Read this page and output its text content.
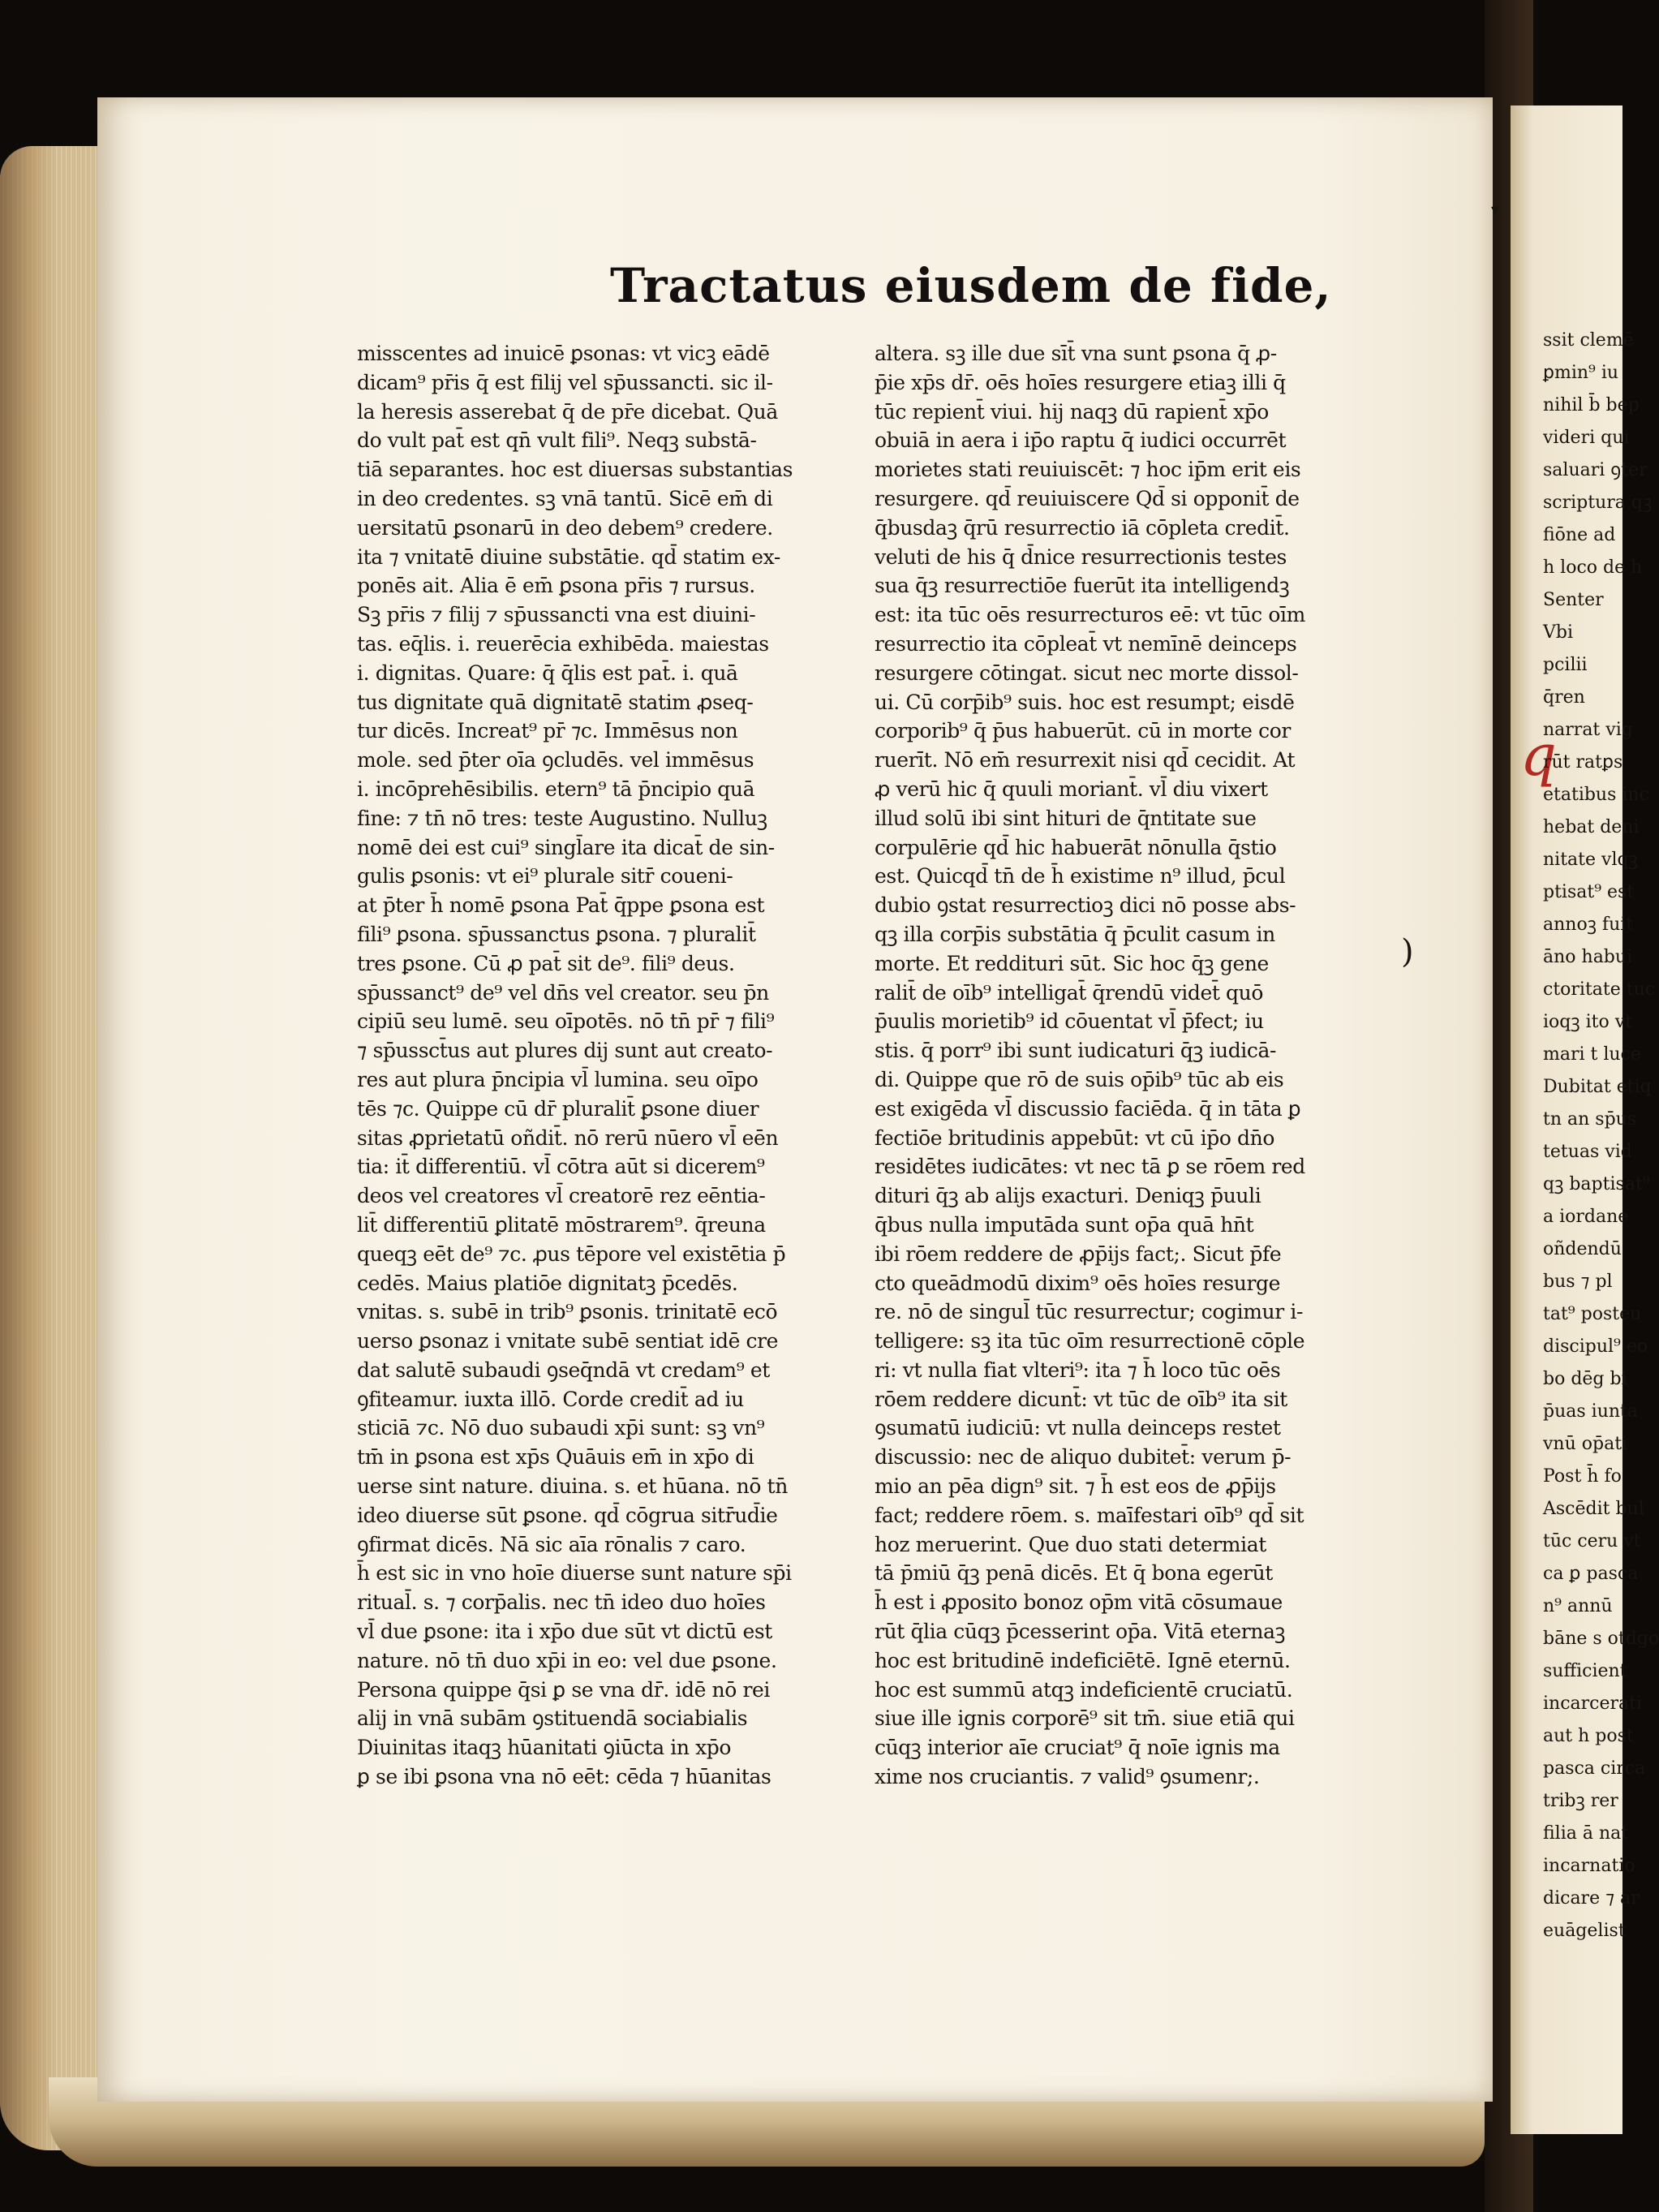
q
ssit clemē
ꝑmin⁹ iu
nihil b̄ bep
videri qui
saluari ꝯter
scriptura qꝫ
fiōne ad
h loco de h
Senter
Vbi
pcilii
q̄ren
narrat vig
rūt ratꝑs
etatibus inc
hebat deni
nitate vlqꝫ
ptisat⁹ est
annoꝫ fuit
āno habui
ctoritate tuc
ioqꝫ ito vt
mari t luce
Dubitat etiq
tn an sp̄us
tetuas vid
qꝫ baptisat⁹
a iordane
oñdendū
bus ⁊ pl
tat⁹ posteu
discipul⁹ eo
bo dēg bi
p̄uas iunta
vnū op̄ati
Post h̄ fo
Ascēdit bul
tūc ceru vt
ca ꝑ pasca
n⁹ annū
bāne s otdgo
sufficient
incarcerati
aut h post
pasca circa
tribꝫ rer
filia ā nat
incarnatio
dicare ⁊ ar
euāgelist
▾
)
Tractatus eiusdem de fide,
misscentes ad inuicē ꝑsonas: vt vicꝫ eādē
dicam⁹ pr̄is q̄ est filij vel sp̄ussancti. sic il-
la heresis asserebat q̄ de pr̄e dicebat. Quā
do vult pat̄ est qn̄ vult fili⁹. Neqꝫ substā-
tiā separantes. hoc est diuersas substantias
in deo credentes. sꝫ vnā tantū. Sicē em̄ di
uersitatū ꝑsonarū in deo debem⁹ credere.
ita ⁊ vnitatē diuine substātie. qd̄ statim ex-
ponēs ait. Alia ē em̄ ꝑsona pr̄is ⁊ rursus.
Sꝫ pr̄is ⁊ filij ⁊ sp̄ussancti vna est diuini-
tas. eq̄lis. i. reuerēcia exhibēda. maiestas
i. dignitas. Quare: q̄ q̄lis est pat̄. i. quā
tus dignitate quā dignitatē statim ꝓseq-
tur dicēs. Increat⁹ pr̄ ⁊c. Immēsus non
mole. sed p̄ter oīa ꝯcludēs. vel immēsus
i. incōprehēsibilis. etern⁹ tā p̄ncipio quā
fine: ⁊ tn̄ nō tres: teste Augustino. Nulluꝫ
nomē dei est cui⁹ singl̄are ita dicat̄ de sin-
gulis ꝑsonis: vt ei⁹ plurale sitr̄ coueni-
at p̄ter h̄ nomē ꝑsona Pat̄ q̄ppe ꝑsona est
fili⁹ ꝑsona. sp̄ussanctus ꝑsona. ⁊ pluralit̄
tres ꝑsone. Cū ꝓ pat̄ sit de⁹. fili⁹ deus.
sp̄ussanct⁹ de⁹ vel dn̄s vel creator. seu p̄n
cipiū seu lumē. seu oīpotēs. nō tn̄ pr̄ ⁊ fili⁹
⁊ sp̄ussct̄us aut plures dij sunt aut creato-
res aut plura p̄ncipia vl̄ lumina. seu oīpo
tēs ⁊c. Quippe cū dr̄ pluralit̄ ꝑsone diuer
sitas ꝓprietatū oñdit̄. nō rerū nūero vl̄ eēn
tia: it̄ differentiū. vl̄ cōtra aūt si dicerem⁹
deos vel creatores vl̄ creatorē rez eēntia-
lit̄ differentiū ꝑlitatē mōstrarem⁹. q̄reuna
queqꝫ eēt de⁹ ⁊c. ꝓus tēpore vel existētia p̄
cedēs. Maius platiōe dignitatꝫ p̄cedēs.
vnitas. s. subē in trib⁹ ꝑsonis. trinitatē ecō
uerso ꝑsonaz i vnitate subē sentiat idē cre
dat salutē subaudi ꝯseq̄ndā vt credam⁹ et
ꝯfiteamur. iuxta illō. Corde credit̄ ad iu
sticiā ⁊c. Nō duo subaudi xp̄i sunt: sꝫ vn⁹
tm̄ in ꝑsona est xp̄s Quāuis em̄ in xp̄o di
uerse sint nature. diuina. s. et hūana. nō tn̄
ideo diuerse sūt ꝑsone. qd̄ cōgrua sitr̄ud̄ie
ꝯfirmat dicēs. Nā sic aīa rōnalis ⁊ caro.
h̄ est sic in vno hoīe diuerse sunt nature sp̄i
ritual̄. s. ⁊ corp̄alis. nec tn̄ ideo duo hoīes
vl̄ due ꝑsone: ita i xp̄o due sūt vt dictū est
nature. nō tn̄ duo xp̄i in eo: vel due ꝑsone.
Persona quippe q̄si ꝑ se vna dr̄. idē nō rei
alij in vnā subām ꝯstituendā sociabialis
Diuinitas itaqꝫ hūanitati ꝯiūcta in xp̄o
ꝑ se ibi ꝑsona vna nō eēt: cēda ⁊ hūanitas
altera. sꝫ ille due sīt̄ vna sunt ꝑsona q̄ ꝓ-
p̄ie xp̄s dr̄. oēs hoīes resurgere etiaꝫ illi q̄
tūc repient̄ viui. hij naqꝫ dū rapient̄ xp̄o
obuiā in aera i ip̄o raptu q̄ iudici occurrēt
morietes stati reuiuiscēt: ⁊ hoc ip̄m erit eis
resurgere. qd̄ reuiuiscere Qd̄ si opponit̄ de
q̄busdaꝫ q̄rū resurrectio iā cōpleta credit̄.
veluti de his q̄ d̄nice resurrectionis testes
sua q̄ꝫ resurrectiōe fuerūt ita intelligendꝫ
est: ita tūc oēs resurrecturos eē: vt tūc oīm
resurrectio ita cōpleat̄ vt nemīnē deinceps
resurgere cōtingat. sicut nec morte dissol-
ui. Cū corp̄ib⁹ suis. hoc est resumpt; eisdē
corporib⁹ q̄ p̄us habuerūt. cū in morte cor
ruerīt. Nō em̄ resurrexit nisi qd̄ cecidit. At
ꝓ verū hic q̄ quuli moriant̄. vl̄ diu vixert
illud solū ibi sint hituri de q̄ntitate sue
corpulērie qd̄ hic habuerāt nōnulla q̄stio
est. Quicqd̄ tn̄ de h̄ existime n⁹ illud, p̄cul
dubio ꝯstat resurrectioꝫ dici nō posse abs-
qꝫ illa corp̄is substātia q̄ p̄culit casum in
morte. Et reddituri sūt. Sic hoc q̄ꝫ gene
ralit̄ de oīb⁹ intelligat̄ q̄rendū videt̄ quō
p̄uulis morietib⁹ id cōuentat vl̄ p̄fect; iu
stis. q̄ porr⁹ ibi sunt iudicaturi q̄ꝫ iudicā-
di. Quippe que rō de suis op̄ib⁹ tūc ab eis
est exigēda vl̄ discussio faciēda. q̄ in tāta ꝑ
fectiōe britudinis appebūt: vt cū ip̄o dn̄o
residētes iudicātes: vt nec tā ꝑ se rōem red
dituri q̄ꝫ ab alijs exacturi. Deniqꝫ p̄uuli
q̄bus nulla imputāda sunt op̄a quā hn̄t
ibi rōem reddere de ꝓp̄ijs fact;. Sicut p̄fe
cto queādmodū dixim⁹ oēs hoīes resurge
re. nō de singul̄ tūc resurrectur; cogimur i-
telligere: sꝫ ita tūc oīm resurrectionē cōple
ri: vt nulla fiat vlteri⁹: ita ⁊ h̄ loco tūc oēs
rōem reddere dicunt̄: vt tūc de oīb⁹ ita sit
ꝯsumatū iudiciū: vt nulla deinceps restet
discussio: nec de aliquo dubitet̄: verum p̄-
mio an pēa dign⁹ sit. ⁊ h̄ est eos de ꝓp̄ijs
fact; reddere rōem. s. maīfestari oīb⁹ qd̄ sit
hoz meruerint. Que duo stati determiat
tā p̄miū q̄ꝫ penā dicēs. Et q̄ bona egerūt
h̄ est i ꝓposito bonoz op̄m vitā cōsumaue
rūt q̄lia cūqꝫ p̄cesserint op̄a. Vitā eternaꝫ
hoc est britudinē indeficiētē. Ignē eternū.
hoc est summū atqꝫ indeficientē cruciatū.
siue ille ignis corporē⁹ sit tm̄. siue etiā qui
cūqꝫ interior aīe cruciat⁹ q̄ noīe ignis ma
xime nos cruciantis. ⁊ valid⁹ ꝯsumenr;.
